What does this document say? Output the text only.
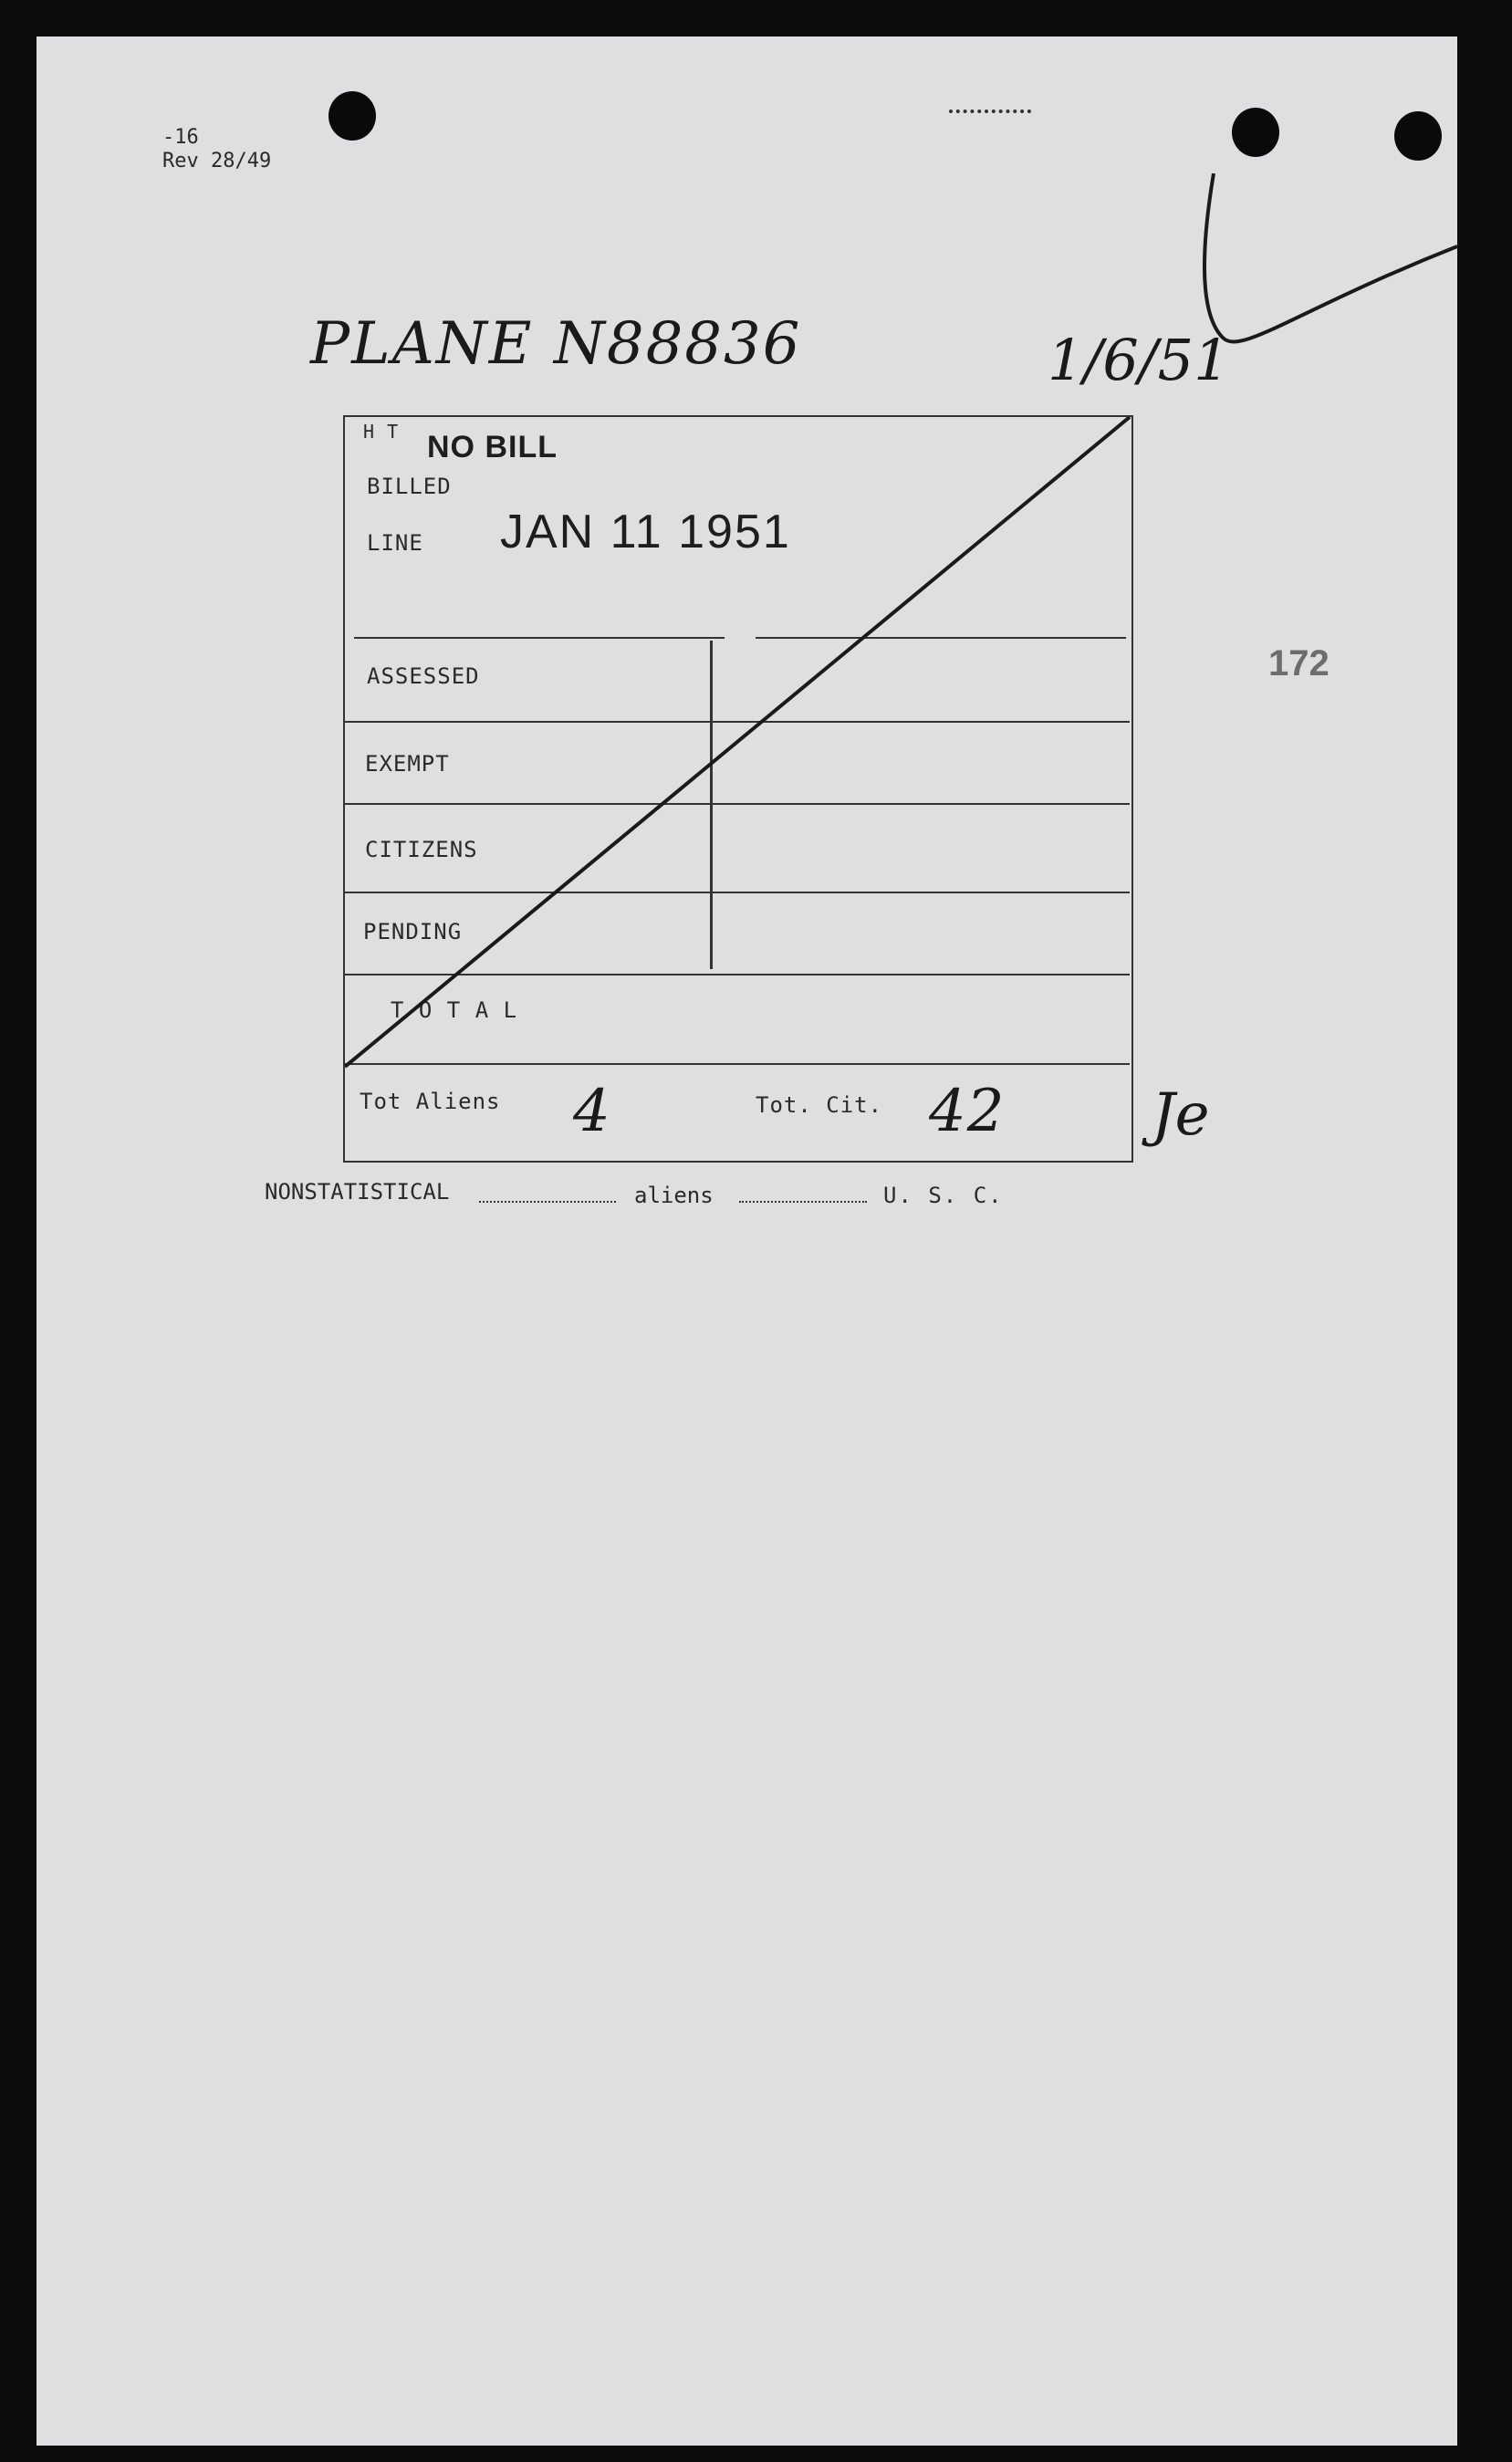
-16
Rev 28/49
PLANE N88836	1/6/51
172
H T NO BILL
BILLED
LINE JAN 11 1951
ASSESSED
EXEMPT
CITIZENS
PENDING
T O T A L
Tot Aliens 4	Tot. Cit. 42	Je
NONSTATISTICAL	aliens	U. S. C.
